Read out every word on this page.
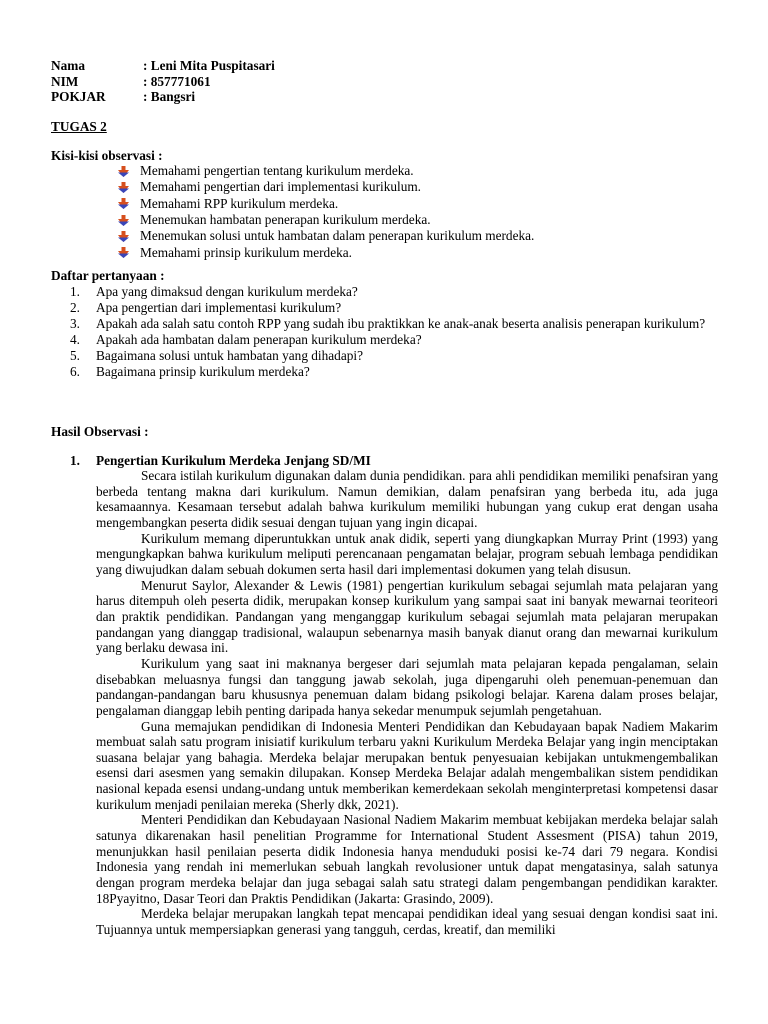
Nama	: Leni Mita Puspitasari
NIM	: 857771061
POKJAR	: Bangsri
TUGAS 2
Kisi-kisi observasi :
Memahami pengertian tentang kurikulum merdeka.
Memahami pengertian dari implementasi kurikulum.
Memahami RPP kurikulum merdeka.
Menemukan hambatan penerapan kurikulum merdeka.
Menemukan solusi untuk hambatan dalam penerapan kurikulum merdeka.
Memahami prinsip kurikulum merdeka.
Daftar pertanyaan :
1.	Apa yang dimaksud dengan kurikulum merdeka?
2.	Apa pengertian dari implementasi kurikulum?
3.	Apakah ada salah satu contoh RPP yang sudah ibu praktikkan ke anak-anak beserta analisis penerapan kurikulum?
4.	Apakah ada hambatan dalam penerapan kurikulum merdeka?
5.	Bagaimana solusi untuk hambatan yang dihadapi?
6.	Bagaimana prinsip kurikulum merdeka?
Hasil Observasi :
1.	Pengertian Kurikulum Merdeka Jenjang SD/MI

Secara istilah kurikulum digunakan dalam dunia pendidikan. para ahli pendidikan memiliki penafsiran yang berbeda tentang makna dari kurikulum. Namun demikian, dalam penafsiran yang berbeda itu, ada juga kesamaannya. Kesamaan tersebut adalah bahwa kurikulum memiliki hubungan yang cukup erat dengan usaha mengembangkan peserta didik sesuai dengan tujuan yang ingin dicapai.

Kurikulum memang diperuntukkan untuk anak didik, seperti yang diungkapkan Murray Print (1993) yang mengungkapkan bahwa kurikulum meliputi perencanaan pengamatan belajar, program sebuah lembaga pendidikan yang diwujudkan dalam sebuah dokumen serta hasil dari implementasi dokumen yang telah disusun.

Menurut Saylor, Alexander & Lewis (1981) pengertian kurikulum sebagai sejumlah mata pelajaran yang harus ditempuh oleh peserta didik, merupakan konsep kurikulum yang sampai saat ini banyak mewarnai teoriteori dan praktik pendidikan. Pandangan yang menganggap kurikulum sebagai sejumlah mata pelajaran merupakan pandangan yang dianggap tradisional, walaupun sebenarnya masih banyak dianut orang dan mewarnai kurikulum yang berlaku dewasa ini.

Kurikulum yang saat ini maknanya bergeser dari sejumlah mata pelajaran kepada pengalaman, selain disebabkan meluasnya fungsi dan tanggung jawab sekolah, juga dipengaruhi oleh penemuan-penemuan dan pandangan-pandangan baru khususnya penemuan dalam bidang psikologi belajar. Karena dalam proses belajar, pengalaman dianggap lebih penting daripada hanya sekedar menumpuk sejumlah pengetahuan.

Guna memajukan pendidikan di Indonesia Menteri Pendidikan dan Kebudayaan bapak Nadiem Makarim membuat salah satu program inisiatif kurikulum terbaru yakni Kurikulum Merdeka Belajar yang ingin menciptakan suasana belajar yang bahagia. Merdeka belajar merupakan bentuk penyesuaian kebijakan untukmengembalikan esensi dari asesmen yang semakin dilupakan. Konsep Merdeka Belajar adalah mengembalikan sistem pendidikan nasional kepada esensi undang-undang untuk memberikan kemerdekaan sekolah menginterpretasi kompetensi dasar kurikulum menjadi penilaian mereka (Sherly dkk, 2021).

Menteri Pendidikan dan Kebudayaan Nasional Nadiem Makarim membuat kebijakan merdeka belajar salah satunya dikarenakan hasil penelitian Programme for International Student Assesment (PISA) tahun 2019, menunjukkan hasil penilaian peserta didik Indonesia hanya menduduki posisi ke-74 dari 79 negara. Kondisi Indonesia yang rendah ini memerlukan sebuah langkah revolusioner untuk dapat mengatasinya, salah satunya dengan program merdeka belajar dan juga sebagai salah satu strategi dalam pengembangan pendidikan karakter. 18Pyayitno, Dasar Teori dan Praktis Pendidikan (Jakarta: Grasindo, 2009).

Merdeka belajar merupakan langkah tepat mencapai pendidikan ideal yang sesuai dengan kondisi saat ini. Tujuannya untuk mempersiapkan generasi yang tangguh, cerdas, kreatif, dan memiliki
